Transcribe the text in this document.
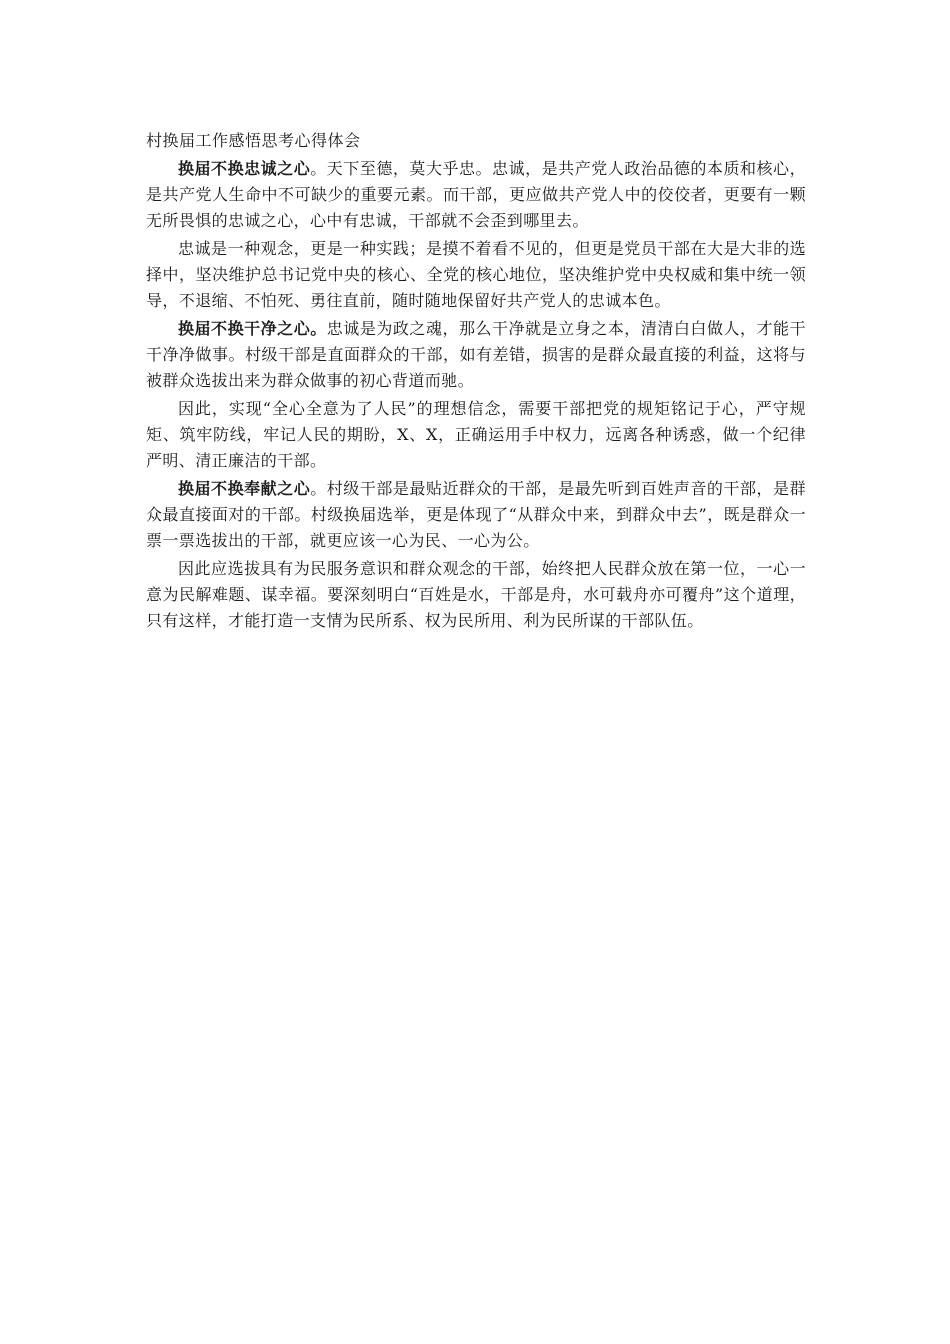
村换届工作感悟思考心得体会

换届不换忠诚之心。天下至德，莫大乎忠。忠诚，是共产党人政治品德的本质和核心，是共产党人生命中不可缺少的重要元素。而干部，更应做共产党人中的佼佼者，更要有一颗无所畏惧的忠诚之心，心中有忠诚，干部就不会歪到哪里去。

忠诚是一种观念，更是一种实践；是摸不着看不见的，但更是党员干部在大是大非的选择中，坚决维护总书记党中央的核心、全党的核心地位，坚决维护党中央权威和集中统一领导，不退缩、不怕死、勇往直前，随时随地保留好共产党人的忠诚本色。

换届不换干净之心。忠诚是为政之魂，那么干净就是立身之本，清清白白做人，才能干干净净做事。村级干部是直面群众的干部，如有差错，损害的是群众最直接的利益，这将与被群众选拔出来为群众做事的初心背道而驰。

因此，实现“全心全意为了人民”的理想信念，需要干部把党的规矩铭记于心，严守规矩、筑牢防线，牢记人民的期盼，X、X，正确运用手中权力，远离各种诱惑，做一个纪律严明、清正廉洁的干部。

换届不换奉献之心。村级干部是最贴近群众的干部，是最先听到百姓声音的干部，是群众最直接面对的干部。村级换届选举，更是体现了“从群众中来，到群众中去”，既是群众一票一票选拔出的干部，就更应该一心为民、一心为公。

因此应选拔具有为民服务意识和群众观念的干部，始终把人民群众放在第一位，一心一意为民解难题、谋幸福。要深刻明白“百姓是水，干部是舟，水可载舟亦可覆舟”这个道理，只有这样，才能打造一支情为民所系、权为民所用、利为民所谋的干部队伍。
